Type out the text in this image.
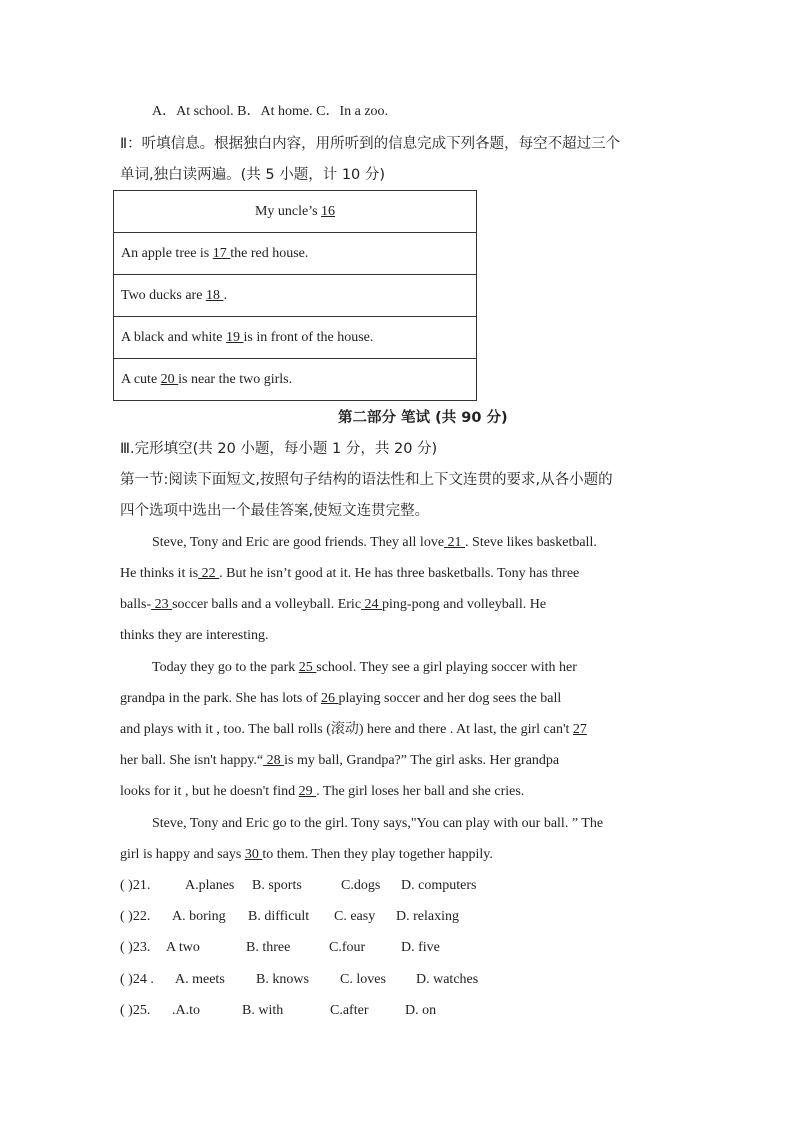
A．At school. B．At home. C．In a zoo.
Ⅱ：听填信息。根据独白内容，用所听到的信息完成下列各题，每空不超过三个
单词,独白读两遍。(共 5 小题，计 10 分)
My uncle’s 16
An apple tree is 17 the red house.
Two ducks are 18 .
A black and white 19 is in front of the house.
A cute 20 is near the two girls.
第二部分 笔试 (共 90 分)
Ⅲ.完形填空(共 20 小题，每小题 1 分，共 20 分)
第一节:阅读下面短文,按照句子结构的语法性和上下文连贯的要求,从各小题的
四个选项中选出一个最佳答案,使短文连贯完整。
Steve, Tony and Eric are good friends. They all love 21 . Steve likes basketball.
He thinks it is 22 . But he isn’t good at it. He has three basketballs. Tony has three
balls- 23 soccer balls and a volleyball. Eric 24 ping-pong and volleyball. He
thinks they are interesting.
Today they go to the park 25 school. They see a girl playing soccer with her
grandpa in the park. She has lots of 26 playing soccer and her dog sees the ball
and plays with it , too. The ball rolls (滚动) here and there . At last, the girl can't 27
her ball. She isn't happy.“ 28 is my ball, Grandpa?” The girl asks. Her grandpa
looks for it , but he doesn't find 29 . The girl loses her ball and she cries.
Steve, Tony and Eric go to the girl. Tony says,"You can play with our ball. ” The
girl is happy and says 30 to them. Then they play together happily.
( )21. A.planes B. sports	C.dogs D. computers
( )22. A. boring B. difficult C. easy D. relaxing
( )23. A two	B. three	C.four	D. five
( )24 . A. meets B. knows C. loves D. watches
( )25. .A.to	B. with	C.after	D. on
